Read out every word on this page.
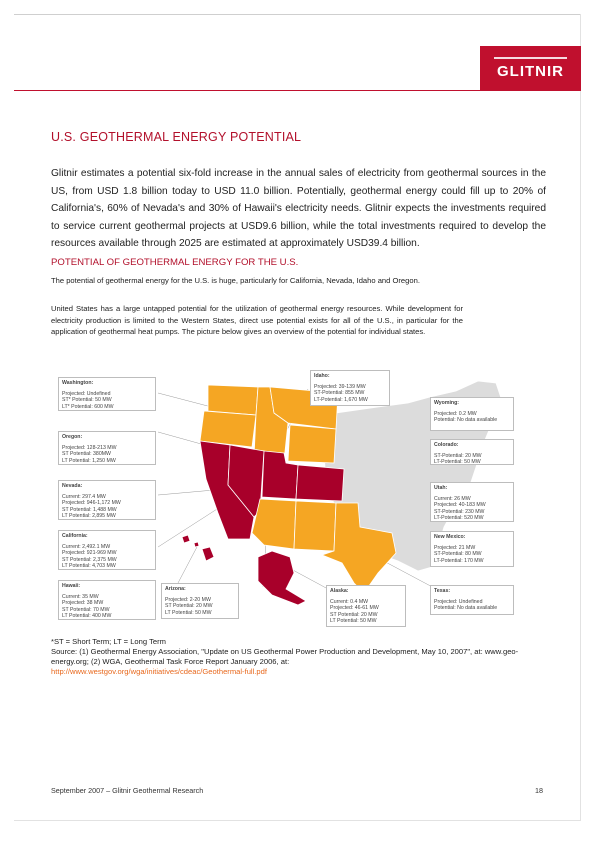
GLITNIR
U.S. GEOTHERMAL ENERGY POTENTIAL

Glitnir estimates a potential six-fold increase in the annual sales of electricity from geothermal sources in the US, from USD 1.8 billion today to USD 11.0 billion. Potentially, geothermal energy could fill up to 20% of California's, 60% of Nevada's and 30% of Hawaii's electricity needs. Glitnir expects the investments required to service current geothermal projects at USD9.6 billion, while the total investments required to develop the resources available through 2025 are estimated at approximately USD39.4 billion.

POTENTIAL OF GEOTHERMAL ENERGY FOR THE U.S.

The potential of geothermal energy for the U.S. is huge, particularly for California, Nevada, Idaho and Oregon.

United States has a large untapped potential for the utilization of geothermal energy resources. While development for electricity production is limited to the Western States, direct use potential exists for all of the U.S., in particular for the application of geothermal heat pumps. The picture below gives an overview of the potential for individual states.

Washington:
Projected: Undefined
ST* Potential: 50 MW
LT* Potential: 600 MW
Oregon:
Projected: 128-213 MW
ST Potential: 380MW
LT Potential: 1,250 MW
Nevada:
Current: 297.4 MW
Projected: 946-1,172 MW
ST Potential: 1,488 MW
LT Potential: 2,895 MW
California:
Current: 2,492.1 MW
Projected: 921-969 MW
ST Potential: 2,375 MW
LT Potential: 4,703 MW
Hawaii:
Current: 35 MW
Projected: 38 MW
ST Potential: 70 MW
LT Potential: 400 MW
Arizona:
Projected: 2-20 MW
ST Potential: 20 MW
LT Potential: 50 MW
Idaho:
Projected: 39-139 MW
ST-Potential: 855 MW
LT-Potential: 1,670 MW
Wyoming:
Projected: 0.2 MW
Potential: No data available
Colorado:
ST-Potential: 20 MW
LT-Potential: 50 MW
Utah:
Current: 26 MW
Projected: 40-183 MW
ST-Potential: 230 MW
LT-Potential: 520 MW
New Mexico:
Projected: 21 MW
ST-Potential: 80 MW
LT-Potential: 170 MW
Alaska:
Current: 0.4 MW
Projected: 46-61 MW
ST Potential: 20 MW
LT Potential: 50 MW
Texas:
Projected: Undefined
Potential: No data available
*ST = Short Term; LT = Long Term
Source: (1) Geothermal Energy Association, "Update on US Geothermal Power Production and Development, May 10, 2007", at: www.geo-energy.org; (2) WGA, Geothermal Task Force Report January 2006, at:
http://www.westgov.org/wga/initiatives/cdeac/Geothermal-full.pdf
September 2007 – Glitnir Geothermal Research	18
